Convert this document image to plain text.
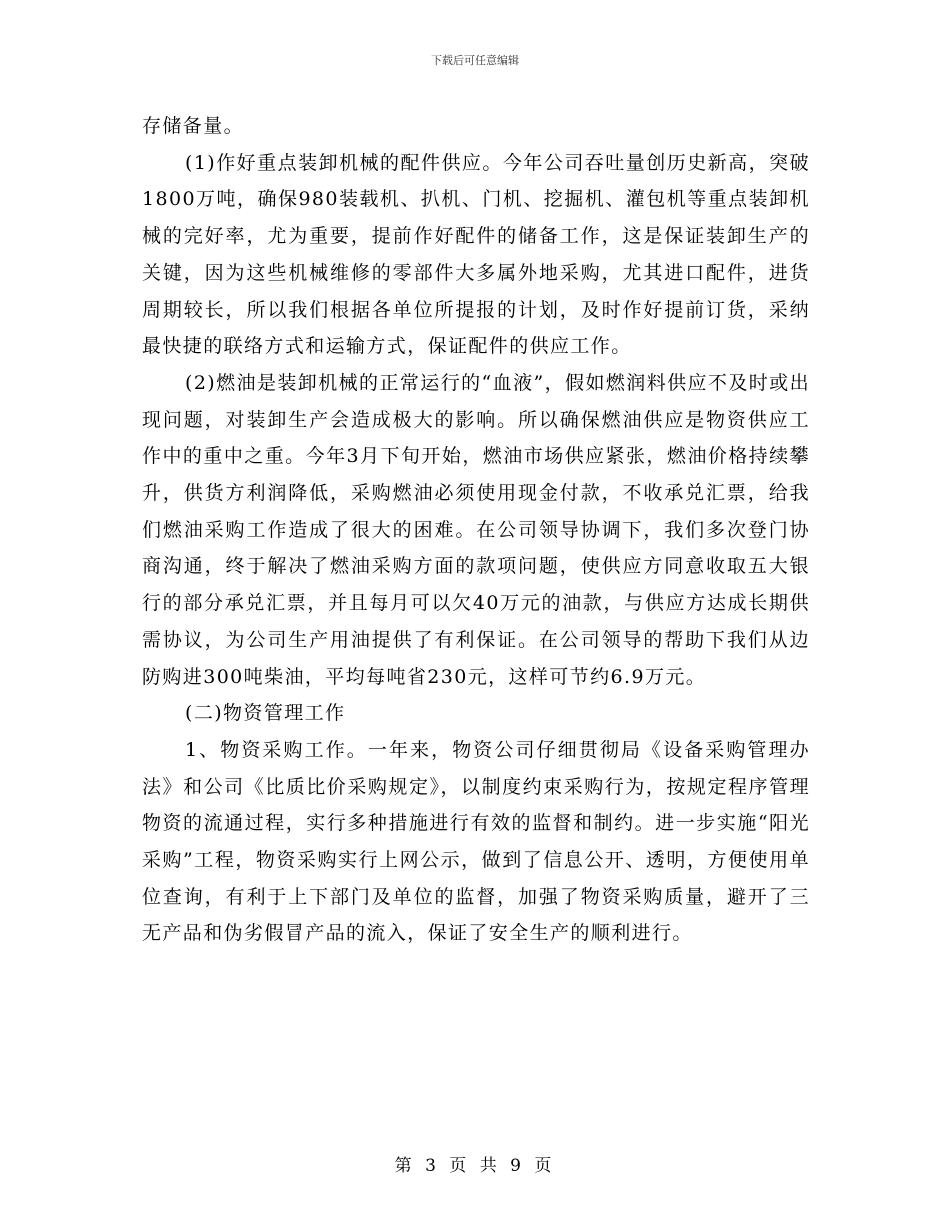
下载后可任意编辑

存储备量。

(1)作好重点装卸机械的配件供应。今年公司吞吐量创历史新高，突破1800万吨，确保980装载机、扒机、门机、挖掘机、灌包机等重点装卸机械的完好率，尤为重要，提前作好配件的储备工作，这是保证装卸生产的关键，因为这些机械维修的零部件大多属外地采购，尤其进口配件，进货周期较长，所以我们根据各单位所提报的计划，及时作好提前订货，采纳最快捷的联络方式和运输方式，保证配件的供应工作。

(2)燃油是装卸机械的正常运行的“血液”，假如燃润料供应不及时或出现问题，对装卸生产会造成极大的影响。所以确保燃油供应是物资供应工作中的重中之重。今年3月下旬开始，燃油市场供应紧张，燃油价格持续攀升，供货方利润降低，采购燃油必须使用现金付款，不收承兑汇票，给我们燃油采购工作造成了很大的困难。在公司领导协调下，我们多次登门协商沟通，终于解决了燃油采购方面的款项问题，使供应方同意收取五大银行的部分承兑汇票，并且每月可以欠40万元的油款，与供应方达成长期供需协议，为公司生产用油提供了有利保证。在公司领导的帮助下我们从边防购进300吨柴油，平均每吨省230元，这样可节约6.9万元。

(二)物资管理工作

1、物资采购工作。一年来，物资公司仔细贯彻局《设备采购管理办法》和公司《比质比价采购规定》，以制度约束采购行为，按规定程序管理物资的流通过程，实行多种措施进行有效的监督和制约。进一步实施“阳光采购”工程，物资采购实行上网公示，做到了信息公开、透明，方便使用单位查询，有利于上下部门及单位的监督，加强了物资采购质量，避开了三无产品和伪劣假冒产品的流入，保证了安全生产的顺利进行。

第 3 页 共 9 页
